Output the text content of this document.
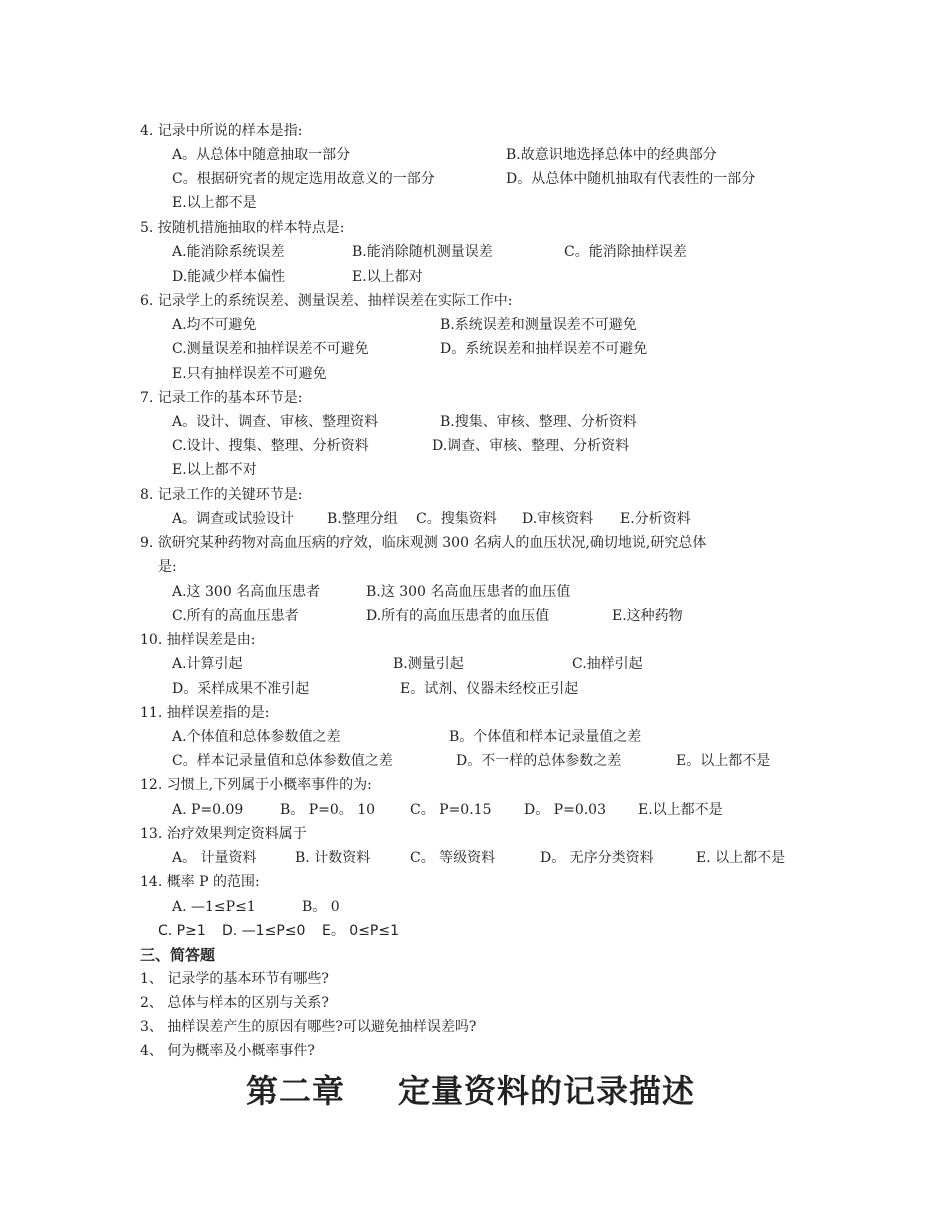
4. 记录中所说的样本是指:
A。从总体中随意抽取一部分	B.故意识地选择总体中的经典部分
C。根据研究者的规定选用故意义的一部分	D。从总体中随机抽取有代表性的一部分
E.以上都不是
5. 按随机措施抽取的样本特点是:
A.能消除系统误差	B.能消除随机测量误差	C。能消除抽样误差
D.能减少样本偏性	E.以上都对
6. 记录学上的系统误差、测量误差、抽样误差在实际工作中:
A.均不可避免	B.系统误差和测量误差不可避免
C.测量误差和抽样误差不可避免	D。系统误差和抽样误差不可避免
E.只有抽样误差不可避免
7. 记录工作的基本环节是:
A。设计、调查、审核、整理资料	B.搜集、审核、整理、分析资料
C.设计、搜集、整理、分析资料	D.调查、审核、整理、分析资料
E.以上都不对
8. 记录工作的关键环节是:
A。调查或试验设计 B.整理分组 C。搜集资料 D.审核资料 E.分析资料
9. 欲研究某种药物对高血压病的疗效，临床观测 300 名病人的血压状况,确切地说,研究总体
是:
A.这 300 名高血压患者	B.这 300 名高血压患者的血压值
C.所有的高血压患者	D.所有的高血压患者的血压值	E.这种药物
10. 抽样误差是由:
A.计算引起	B.测量引起	C.抽样引起
D。采样成果不准引起	E。试剂、仪器未经校正引起
11. 抽样误差指的是:
A.个体值和总体参数值之差	B。个体值和样本记录量值之差
C。样本记录量值和总体参数值之差	D。不一样的总体参数之差	E。以上都不是
12. 习惯上,下列属于小概率事件的为:
A. P=0.09	B。 P=0。 10 C。 P=0.15 D。 P=0.03 E.以上都不是
13. 治疗效果判定资料属于
A。 计量资料	B. 计数资料	C。 等级资料	D。 无序分类资料	E. 以上都不是
14. 概率 P 的范围:
A. —1≤P≤1	B。 0
C. P≥1 D. —1≤P≤0 E。 0≤P≤1
三、简答题
1、 记录学的基本环节有哪些?
2、 总体与样本的区别与关系?
3、 抽样误差产生的原因有哪些?可以避免抽样误差吗?
4、 何为概率及小概率事件?
第二章 定量资料的记录描述
